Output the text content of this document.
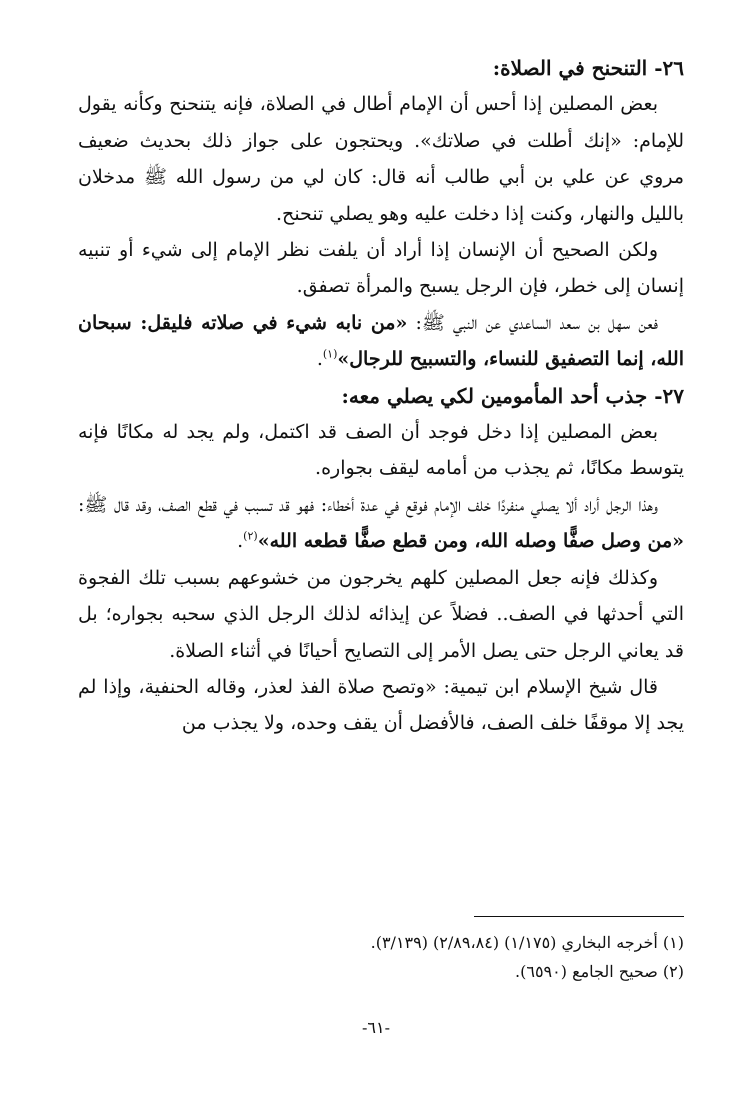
٢٦- التنحنح في الصلاة:

بعض المصلين إذا أحس أن الإمام أطال في الصلاة، فإنه يتنحنح وكأنه يقول للإمام: «إنك أطلت في صلاتك». ويحتجون على جواز ذلك بحديث ضعيف مروي عن علي بن أبي طالب أنه قال: كان لي من رسول الله ﷺ مدخلان بالليل والنهار، وكنت إذا دخلت عليه وهو يصلي تنحنح.

ولكن الصحيح أن الإنسان إذا أراد أن يلفت نظر الإمام إلى شيء أو تنبيه إنسان إلى خطر، فإن الرجل يسبح والمرأة تصفق.

فعن سهل بن سعد الساعدي عن النبي ﷺ: «من نابه شيء في صلاته فليقل: سبحان الله، إنما التصفيق للنساء، والتسبيح للرجال»$^{(١)}$.

٢٧- جذب أحد المأمومين لكي يصلي معه:

بعض المصلين إذا دخل فوجد أن الصف قد اكتمل، ولم يجد له مكانًا فإنه يتوسط مكانًا، ثم يجذب من أمامه ليقف بجواره.

وهذا الرجل أراد ألا يصلي منفردًا خلف الإمام فوقع في عدة أخطاء: فهو قد تسبب في قطع الصف، وقد قال ﷺ: «من وصل صفًّا وصله الله، ومن قطع صفًّا قطعه الله»$^{(٢)}$.

وكذلك فإنه جعل المصلين كلهم يخرجون من خشوعهم بسبب تلك الفجوة التي أحدثها في الصف.. فضلاً عن إيذائه لذلك الرجل الذي سحبه بجواره؛ بل قد يعاني الرجل حتى يصل الأمر إلى التصايح أحيانًا في أثناء الصلاة.

قال شيخ الإسلام ابن تيمية: «وتصح صلاة الفذ لعذر، وقاله الحنفية، وإذا لم يجد إلا موقفًا خلف الصف، فالأفضل أن يقف وحده، ولا يجذب من

(١) أخرجه البخاري (١/١٧٥) (٢/٨٩،٨٤) (٣/١٣٩).

(٢) صحيح الجامع (٦٥٩٠).

-٦١-
